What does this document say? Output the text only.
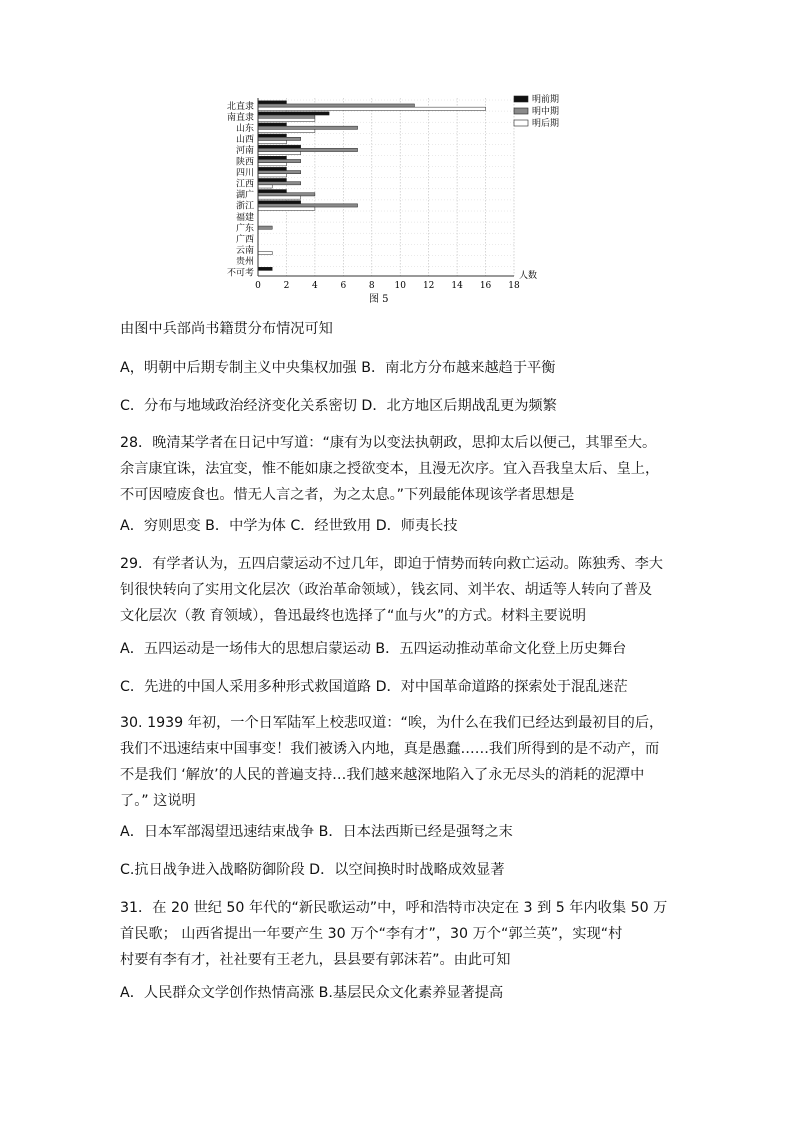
北直隶
南直隶
山东
山西
河南
陕西
四川
江西
湖广
浙江
福建
广东
广西
云南
贵州
不可考
0	2	4	6	8 10 12 14 16 18
人数
图 5
明前期
明中期
明后期

由图中兵部尚书籍贯分布情况可知

A，明朝中后期专制主义中央集权加强 B．南北方分布越来越趋于平衡

C．分布与地域政治经济变化关系密切 D．北方地区后期战乱更为频繁

28．晚清某学者在日记中写道：“康有为以变法执朝政，思抑太后以便己，其罪至大。
余言康宜诛，法宜变，惟不能如康之授欲变本，且漫无次序。宜入吾我皇太后、皇上，
不可因噎废食也。惜无人言之者，为之太息。”下列最能体现该学者思想是

A．穷则思变 B．中学为体 C．经世致用 D．师夷长技

29．有学者认为，五四启蒙运动不过几年，即迫于情势而转向救亡运动。陈独秀、李大
钊很快转向了实用文化层次（政治革命领域），钱玄同、刘半农、胡适等人转向了普及
文化层次（教 育领域），鲁迅最终也选择了“血与火”的方式。材料主要说明

A．五四运动是一场伟大的思想启蒙运动 B．五四运动推动革命文化登上历史舞台

C．先进的中国人采用多种形式救国道路 D．对中国革命道路的探索处于混乱迷茫

30. 1939 年初，一个日军陆军上校悲叹道：“唉，为什么在我们已经达到最初目的后，
我们不迅速结束中国事变！我们被诱入内地，真是愚蠢……我们所得到的是不动产，而
不是我们 ‘解放’的人民的普遍支持…我们越来越深地陷入了永无尽头的消耗的泥潭中
了。” 这说明

A．日本军部渴望迅速结束战争 B．日本法西斯已经是强弩之末

C.抗日战争进入战略防御阶段 D．以空间换时时战略成效显著

31．在 20 世纪 50 年代的“新民歌运动”中，呼和浩特市决定在 3 到 5 年内收集 50 万
首民歌； 山西省提出一年要产生 30 万个“李有才”，30 万个“郭兰英”，实现“村
村要有李有才，社社要有王老九，县县要有郭沫若”。由此可知

A．人民群众文学创作热情高涨 B.基层民众文化素养显著提高
